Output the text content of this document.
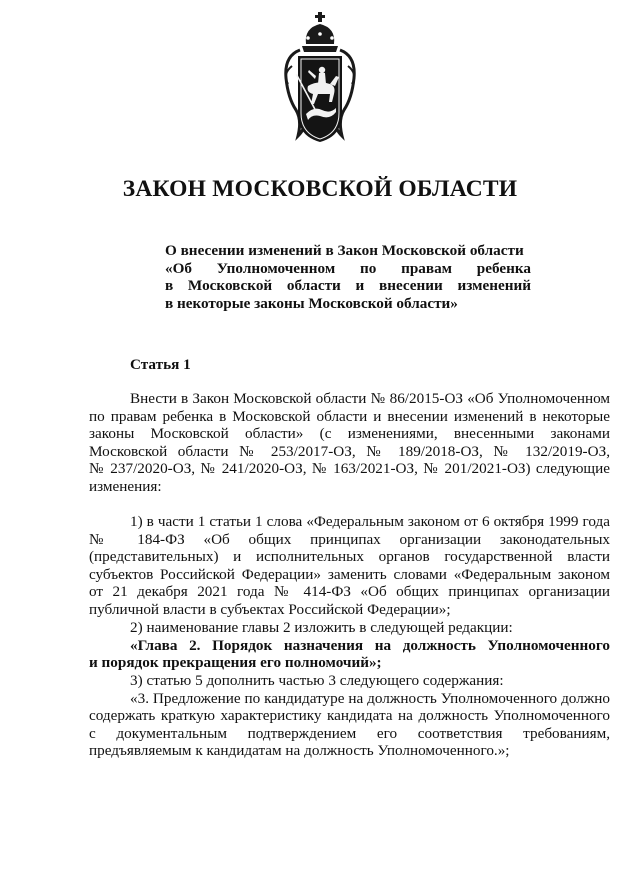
ЗАКОН МОСКОВСКОЙ ОБЛАСТИ
О внесении изменений в Закон Московской области
«Об Уполномоченном по правам ребенка
в Московской области и внесении изменений
в некоторые законы Московской области»
Статья 1
Внести в Закон Московской области № 86/2015-ОЗ «Об Уполномоченном
по правам ребенка в Московской области и внесении изменений в некоторые
законы Московской области» (с изменениями, внесенными законами
Московской области № 253/2017-ОЗ, № 189/2018-ОЗ, № 132/2019-ОЗ,
№ 237/2020-ОЗ, № 241/2020-ОЗ, № 163/2021-ОЗ, № 201/2021-ОЗ) следующие
изменения:
1) в части 1 статьи 1 слова «Федеральным законом от 6 октября 1999 года
№ 184-ФЗ «Об общих принципах организации законодательных
(представительных) и исполнительных органов государственной власти
субъектов Российской Федерации» заменить словами «Федеральным законом
от 21 декабря 2021 года № 414-ФЗ «Об общих принципах организации
публичной власти в субъектах Российской Федерации»;
2) наименование главы 2 изложить в следующей редакции:
«Глава 2. Порядок назначения на должность Уполномоченного
и порядок прекращения его полномочий»;
3) статью 5 дополнить частью 3 следующего содержания:
«3. Предложение по кандидатуре на должность Уполномоченного должно
содержать краткую характеристику кандидата на должность Уполномоченного
с документальным подтверждением его соответствия требованиям,
предъявляемым к кандидатам на должность Уполномоченного.»;
